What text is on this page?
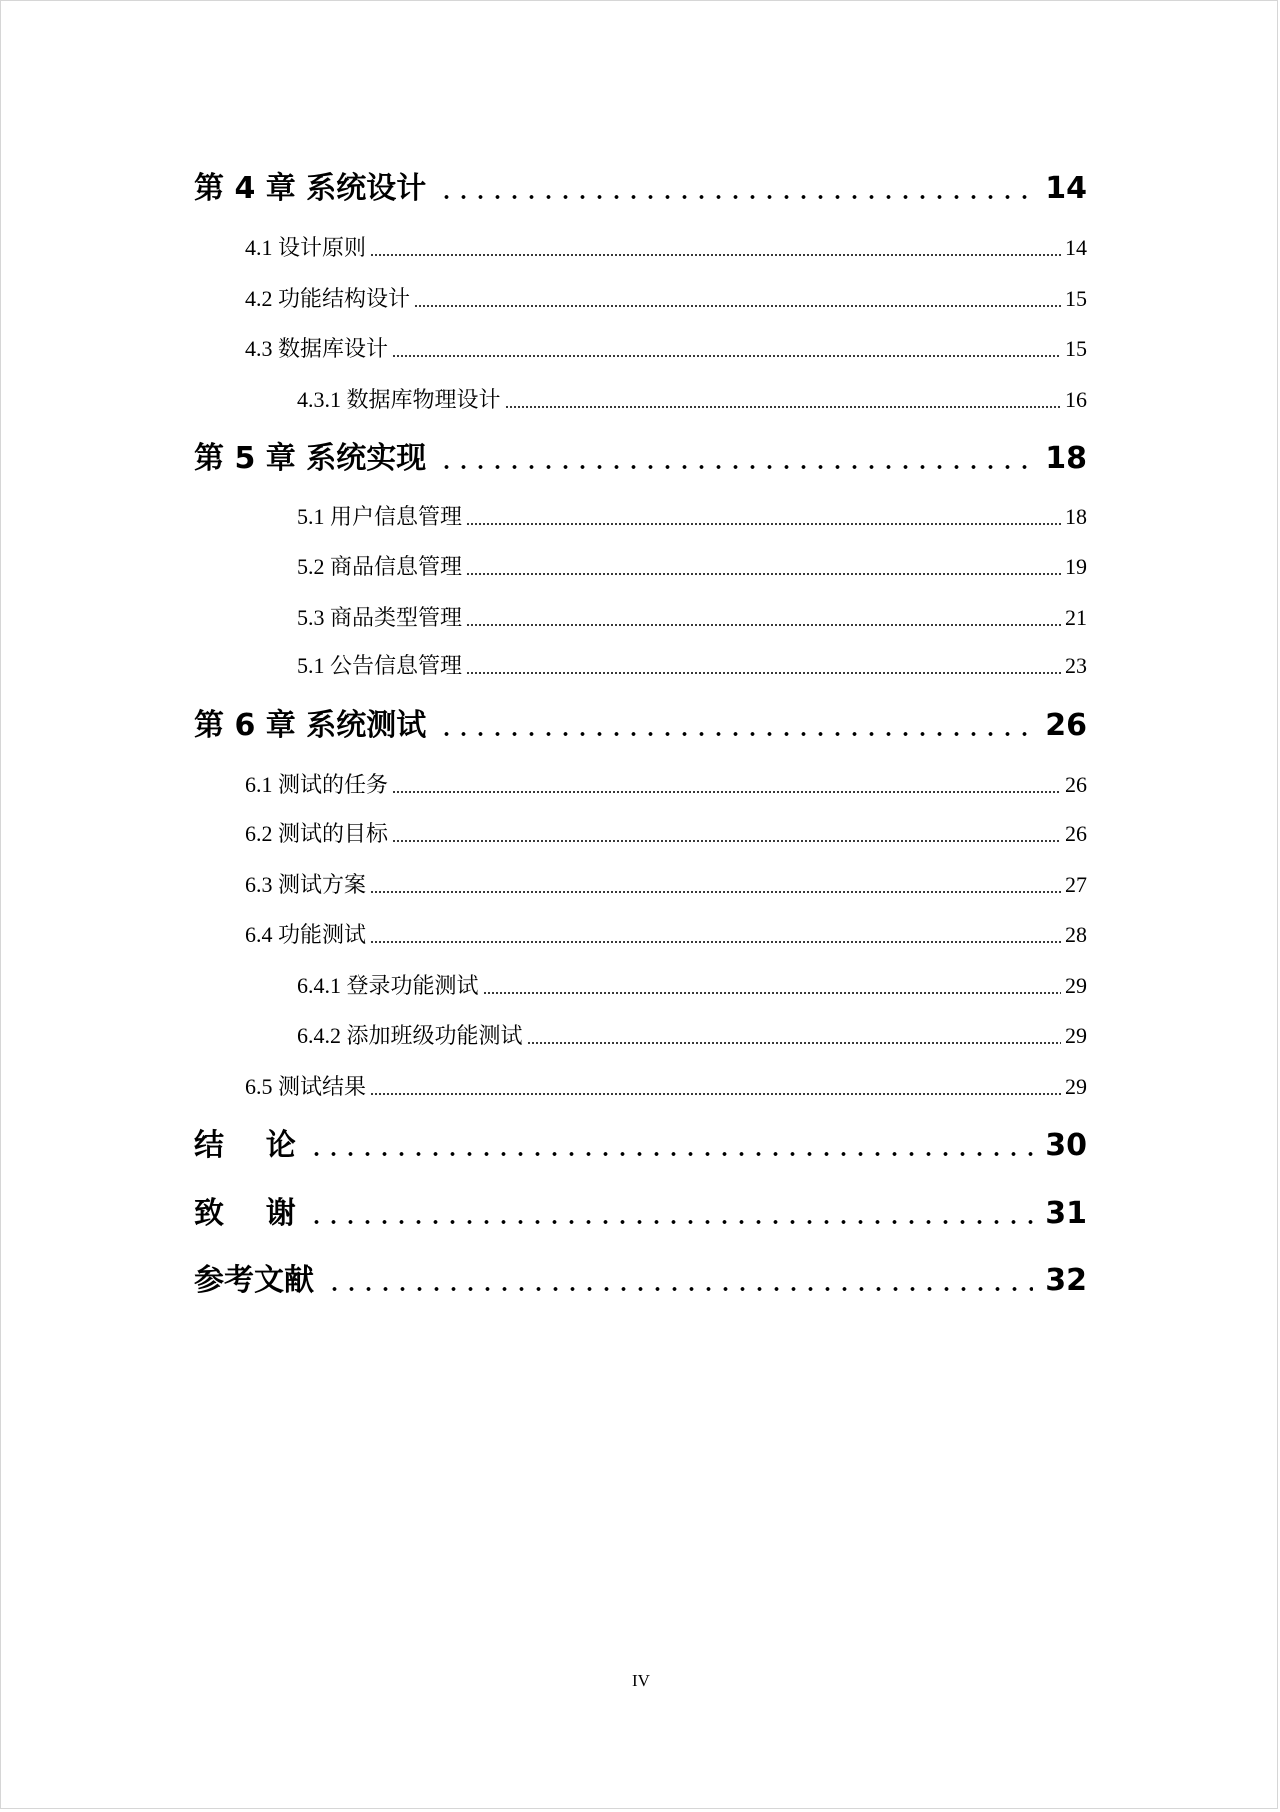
第 4 章 系统设计	14
4.1 设计原则	14
4.2 功能结构设计	15
4.3 数据库设计	15
4.3.1 数据库物理设计	16
第 5 章 系统实现	18
5.1 用户信息管理	18
5.2 商品信息管理	19
5.3 商品类型管理	21
5.1 公告信息管理	23
第 6 章 系统测试	26
6.1 测试的任务	26
6.2 测试的目标	26
6.3 测试方案	27
6.4 功能测试	28
6.4.1 登录功能测试	29
6.4.2 添加班级功能测试	29
6.5 测试结果	29
结    论	30
致    谢	31
参考文献	32
IV
